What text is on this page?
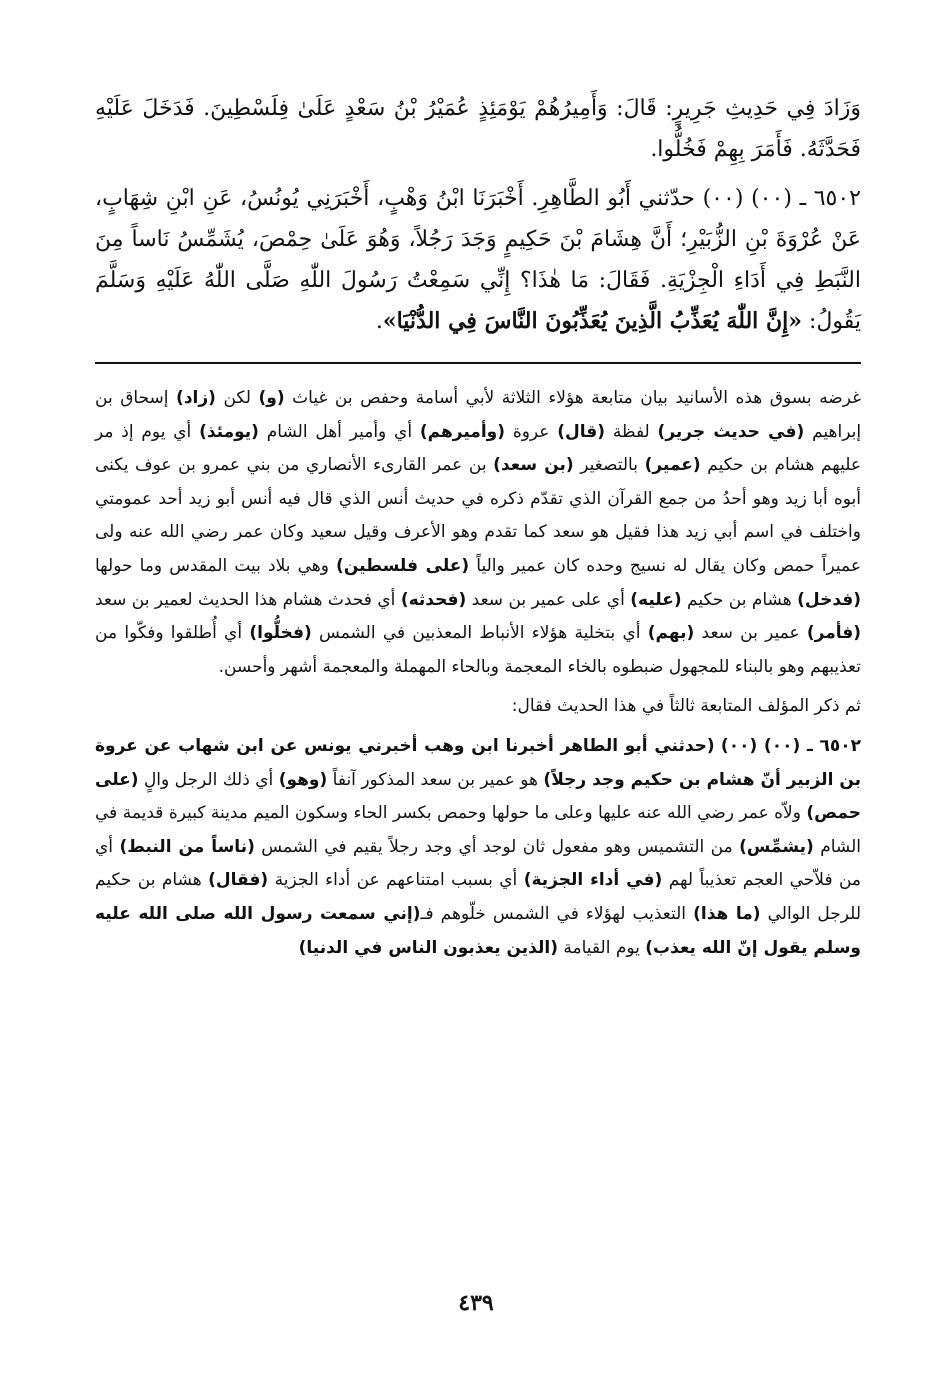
وَزَادَ فِي حَدِيثِ جَرِيرٍ: قَالَ: وَأَمِيرُهُمْ يَوْمَئِذٍ عُمَيْرُ بْنُ سَعْدٍ عَلَىٰ فِلَسْطِينَ. فَدَخَلَ عَلَيْهِ فَحَدَّثَهُ. فَأَمَرَ بِهِمْ فَخُلُّوا.

٦٥٠٢ ـ (٠٠) (٠٠) حدّثني أَبُو الطَّاهِرِ. أَخْبَرَنَا ابْنُ وَهْبٍ، أَخْبَرَنِي يُونُسُ، عَنِ ابْنِ شِهَابٍ، عَنْ عُرْوَةَ بْنِ الزُّبَيْرِ؛ أَنَّ هِشَامَ بْنَ حَكِيمٍ وَجَدَ رَجُلاً، وَهُوَ عَلَىٰ حِمْصَ، يُشَمِّسُ نَاساً مِنَ النَّبَطِ فِي أَدَاءِ الْجِزْيَةِ. فَقَالَ: مَا هٰذَا؟ إِنِّي سَمِعْتُ رَسُولَ اللّٰهِ صَلَّى اللّٰهُ عَلَيْهِ وَسَلَّمَ يَقُولُ: «إِنَّ اللّٰهَ يُعَذِّبُ الَّذِينَ يُعَذِّبُونَ النَّاسَ فِي الدُّنْيَا».

غرضه بسوق هذه الأسانيد بيان متابعة هؤلاء الثلاثة لأبي أسامة وحفص بن غياث (و) لكن (زاد) إسحاق بن إبراهيم (في حديث جرير) لفظة (قال) عروة (وأميرهم) أي وأمير أهل الشام (يومئذ) أي يوم إذ مر عليهم هشام بن حكيم (عمير) بالتصغير (بن سعد) بن عمر القارىء الأنصاري من بني عمرو بن عوف يكنى أبوه أبا زيد وهو أحدُ من جمع القرآن الذي تقدّم ذكره في حديث أنس الذي قال فيه أنس أبو زيد أحد عمومتي واختلف في اسم أبي زيد هذا فقيل هو سعد كما تقدم وهو الأعرف وقيل سعيد وكان عمر رضي الله عنه ولى عميراً حمص وكان يقال له نسيج وحده كان عمير والياً (على فلسطين) وهي بلاد بيت المقدس وما حولها (فدخل) هشام بن حكيم (عليه) أي على عمير بن سعد (فحدثه) أي فحدث هشام هذا الحديث لعمير بن سعد (فأمر) عمير بن سعد (بهم) أي بتخلية هؤلاء الأنباط المعذبين في الشمس (فخلُّوا) أي أُطلقوا وفكّوا من تعذيبهم وهو بالبناء للمجهول ضبطوه بالخاء المعجمة وبالحاء المهملة والمعجمة أشهر وأحسن.

ثم ذكر المؤلف المتابعة ثالثاً في هذا الحديث فقال:

٦٥٠٢ ـ (٠٠) (٠٠) (حدثني أبو الطاهر أخبرنا ابن وهب أخبرني يونس عن ابن شهاب عن عروة بن الزبير أنّ هشام بن حكيم وجد رجلاً) هو عمير بن سعد المذكور آنفاً (وهو) أي ذلك الرجل والٍ (على حمص) ولاّه عمر رضي الله عنه عليها وعلى ما حولها وحمص بكسر الحاء وسكون الميم مدينة كبيرة قديمة في الشام (يشمِّس) من التشميس وهو مفعول ثان لوجد أي وجد رجلاً يقيم في الشمس (ناساً من النبط) أي من فلاّحي العجم تعذيباً لهم (في أداء الجزية) أي بسبب امتناعهم عن أداء الجزية (فقال) هشام بن حكيم للرجل الوالي (ما هذا) التعذيب لهؤلاء في الشمس خلّوهم فـ(إني سمعت رسول الله صلى الله عليه وسلم يقول إنّ الله يعذب) يوم القيامة (الذين يعذبون الناس في الدنيا)

٤٣٩
